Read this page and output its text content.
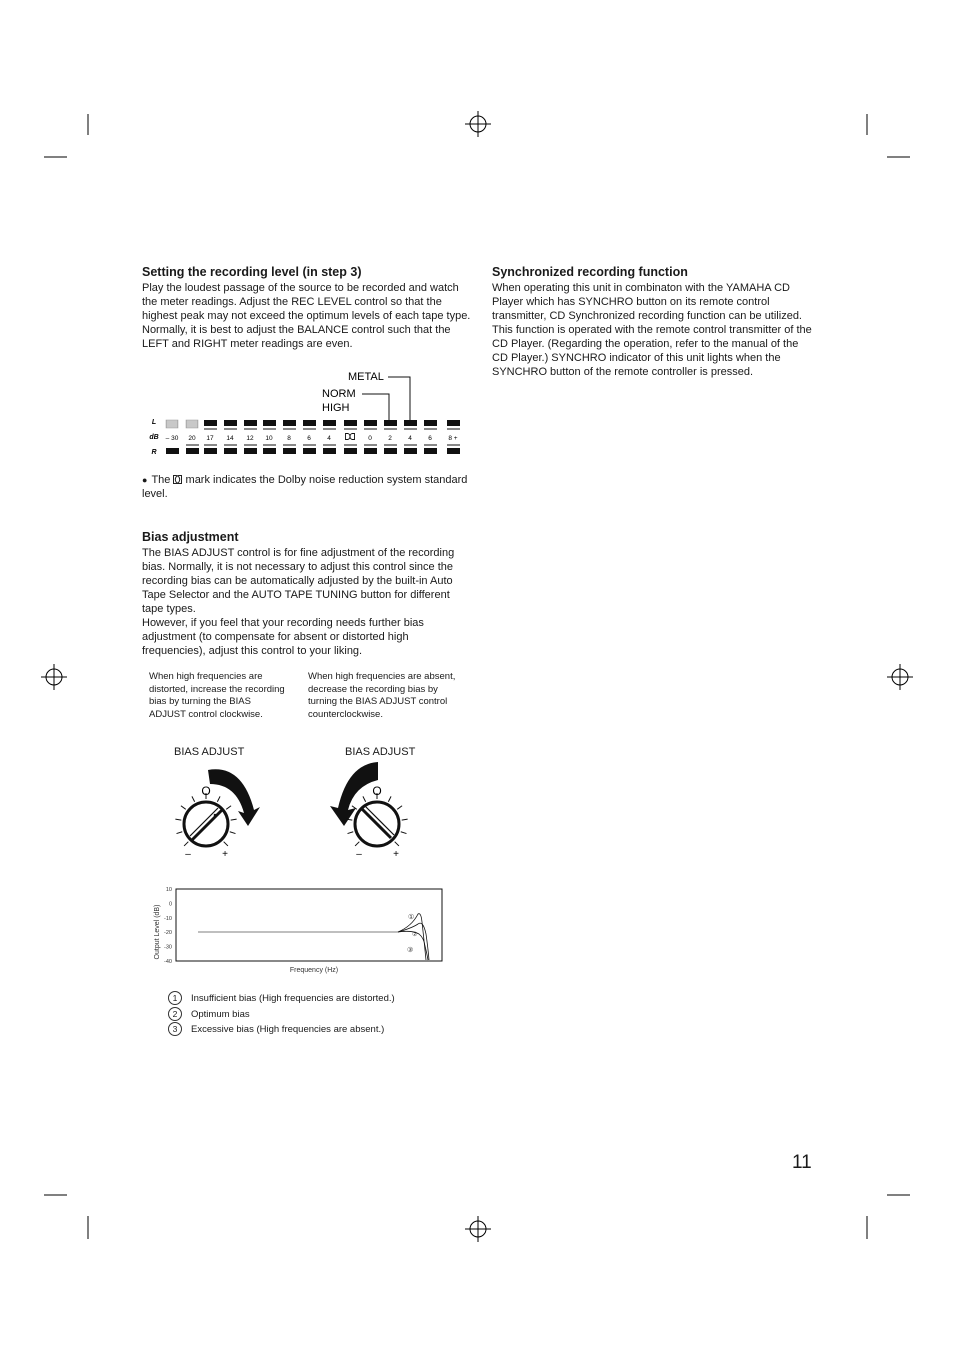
Setting the recording level (in step 3)

Play the loudest passage of the source to be recorded and watch the meter readings. Adjust the REC LEVEL control so that the highest peak may not exceed the optimum levels of each tape type. Normally, it is best to adjust the BALANCE control such that the LEFT and RIGHT meter readings are even.

L
dB
R
– 30 20 17 14 12 10 8	6	4	0	2	4	6	8 +
METAL
NORM
HIGH
● The mark indicates the Dolby noise reduction system standard level.
Bias adjustment

The BIAS ADJUST control is for fine adjustment of the recording bias. Normally, it is not necessary to adjust this control since the recording bias can be automatically adjusted by the built-in Auto Tape Selector and the AUTO TAPE TUNING button for different tape types.

However, if you feel that your recording needs further bias adjustment (to compensate for absent or distorted high frequencies), adjust this control to your liking.

When high frequencies are distorted, increase the recording bias by turning the BIAS ADJUST control clockwise.
When high frequencies are absent, decrease the recording bias by turning the BIAS ADJUST control counterclockwise.
BIAS ADJUST	BIAS ADJUST
O
–	+
O
–	+
Output Level (dB)
10
0
-10
-20
-30
-40
①
②
③
Frequency (Hz)
1	Insufficient bias (High frequencies are distorted.)
2	Optimum bias
3	Excessive bias (High frequencies are absent.)
Synchronized recording function

When operating this unit in combinaton with the YAMAHA CD Player which has SYNCHRO button on its remote control transmitter, CD Synchronized recording function can be utilized. This function is operated with the remote control transmitter of the CD Player. (Regarding the operation, refer to the manual of the CD Player.) SYNCHRO indicator of this unit lights when the SYNCHRO button of the remote controller is pressed.

11
